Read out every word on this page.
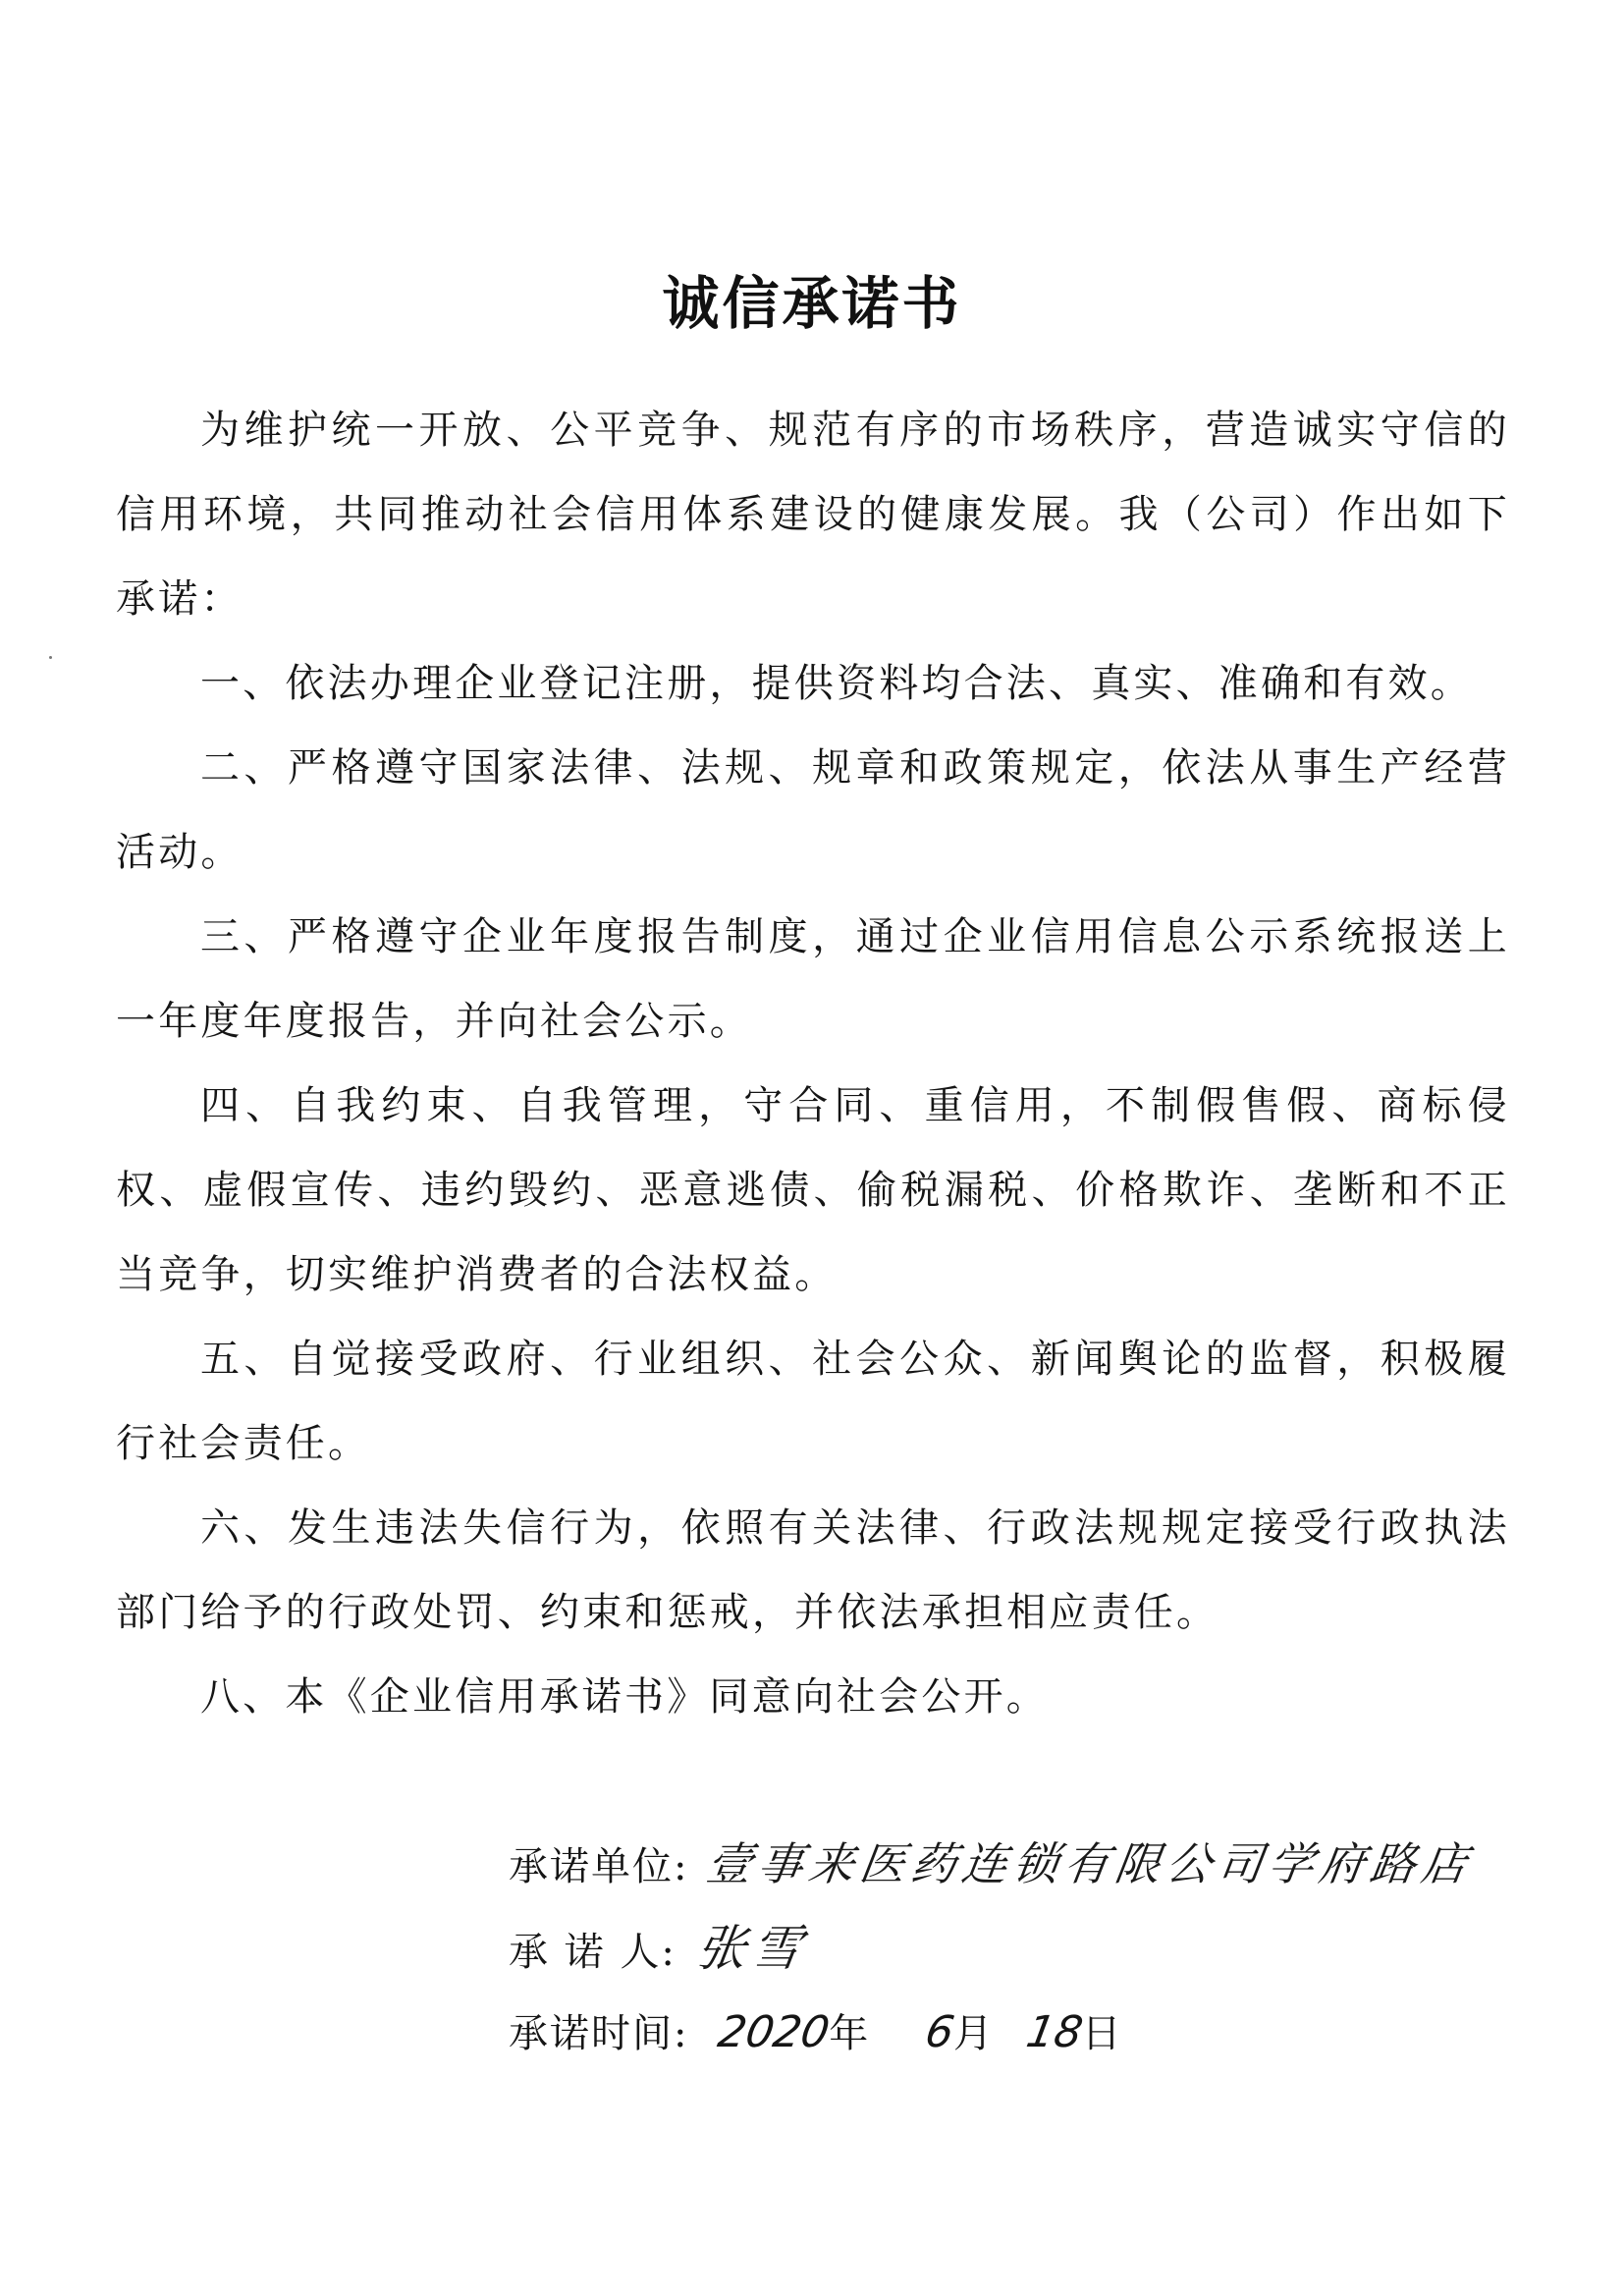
诚信承诺书

为维护统一开放、公平竞争、规范有序的市场秩序，营造诚实守信的信用环境，共同推动社会信用体系建设的健康发展。我（公司）作出如下承诺：

一、依法办理企业登记注册，提供资料均合法、真实、准确和有效。

二、严格遵守国家法律、法规、规章和政策规定，依法从事生产经营活动。

三、严格遵守企业年度报告制度，通过企业信用信息公示系统报送上一年度年度报告，并向社会公示。

四、自我约束、自我管理，守合同、重信用，不制假售假、商标侵权、虚假宣传、违约毁约、恶意逃债、偷税漏税、价格欺诈、垄断和不正当竞争，切实维护消费者的合法权益。

五、自觉接受政府、行业组织、社会公众、新闻舆论的监督，积极履行社会责任。

六、发生违法失信行为，依照有关法律、行政法规规定接受行政执法部门给予的行政处罚、约束和惩戒，并依法承担相应责任。

八、本《企业信用承诺书》同意向社会公开。

承诺单位: 壹事来医药连锁有限公司学府路店
承 诺 人: 张雪
承诺时间: 2020年 6月 18日
